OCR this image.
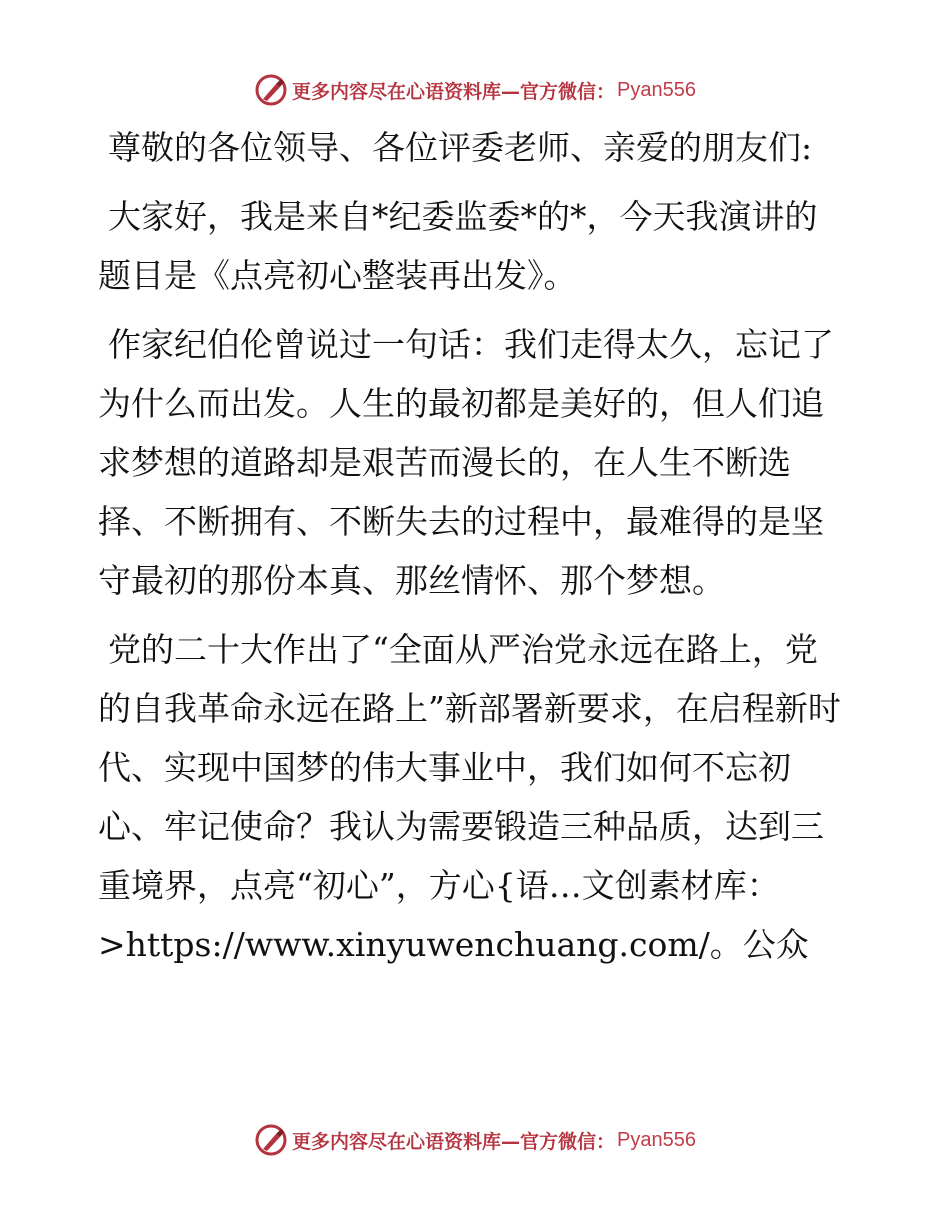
更多内容尽在心语资料库—官方微信： Pyan556

尊敬的各位领导、各位评委老师、亲爱的朋友们:

大家好，我是来自*纪委监委*的*，今天我演讲的题目是《点亮初心整装再出发》。

作家纪伯伦曾说过一句话：我们走得太久，忘记了为什么而出发。人生的最初都是美好的，但人们追求梦想的道路却是艰苦而漫长的，在人生不断选择、不断拥有、不断失去的过程中，最难得的是坚守最初的那份本真、那丝情怀、那个梦想。

党的二十大作出了“全面从严治党永远在路上，党的自我革命永远在路上”新部署新要求，在启程新时代、实现中国梦的伟大事业中，我们如何不忘初心、牢记使命？我认为需要锻造三种品质，达到三重境界，点亮“初心”，方心{语…文创素材库：>https://www.xinyuwenchuang.com/。公众

更多内容尽在心语资料库—官方微信： Pyan556
